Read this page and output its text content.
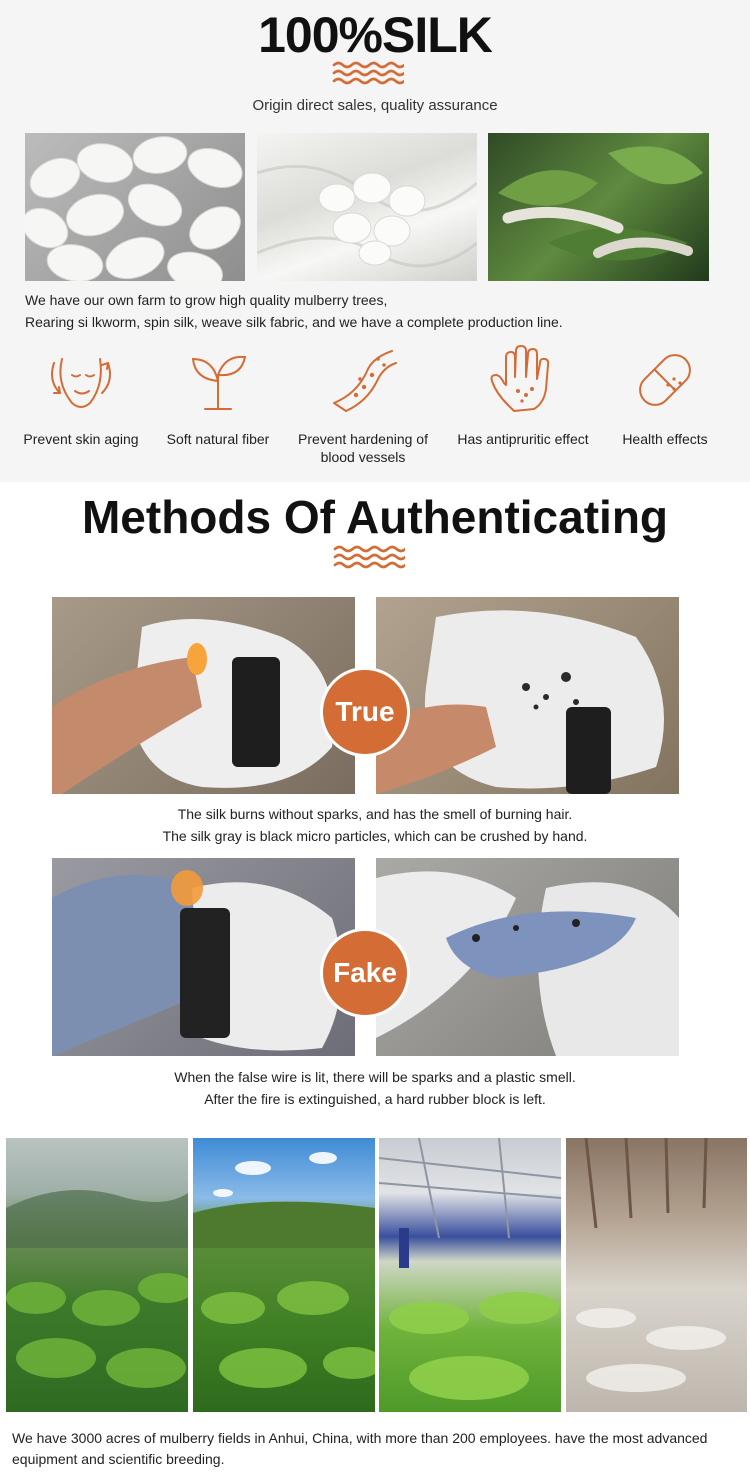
100%SILK
Origin direct sales, quality assurance
We have our own farm to grow high quality mulberry trees,
Rearing si lkworm, spin silk, weave silk fabric, and we have a complete production line.
Prevent skin aging	Soft natural fiber	Prevent hardening of blood vessels
Has antipruritic effect	Health effects
Methods Of Authenticating
True
The silk burns without sparks, and has the smell of burning hair.
The silk gray is black micro particles, which can be crushed by hand.
Fake
When the false wire is lit, there will be sparks and a plastic smell.
After the fire is extinguished, a hard rubber block is left.
We have 3000 acres of mulberry fields in Anhui, China, with more than 200 employees. have the most advanced equipment and scientific breeding.
